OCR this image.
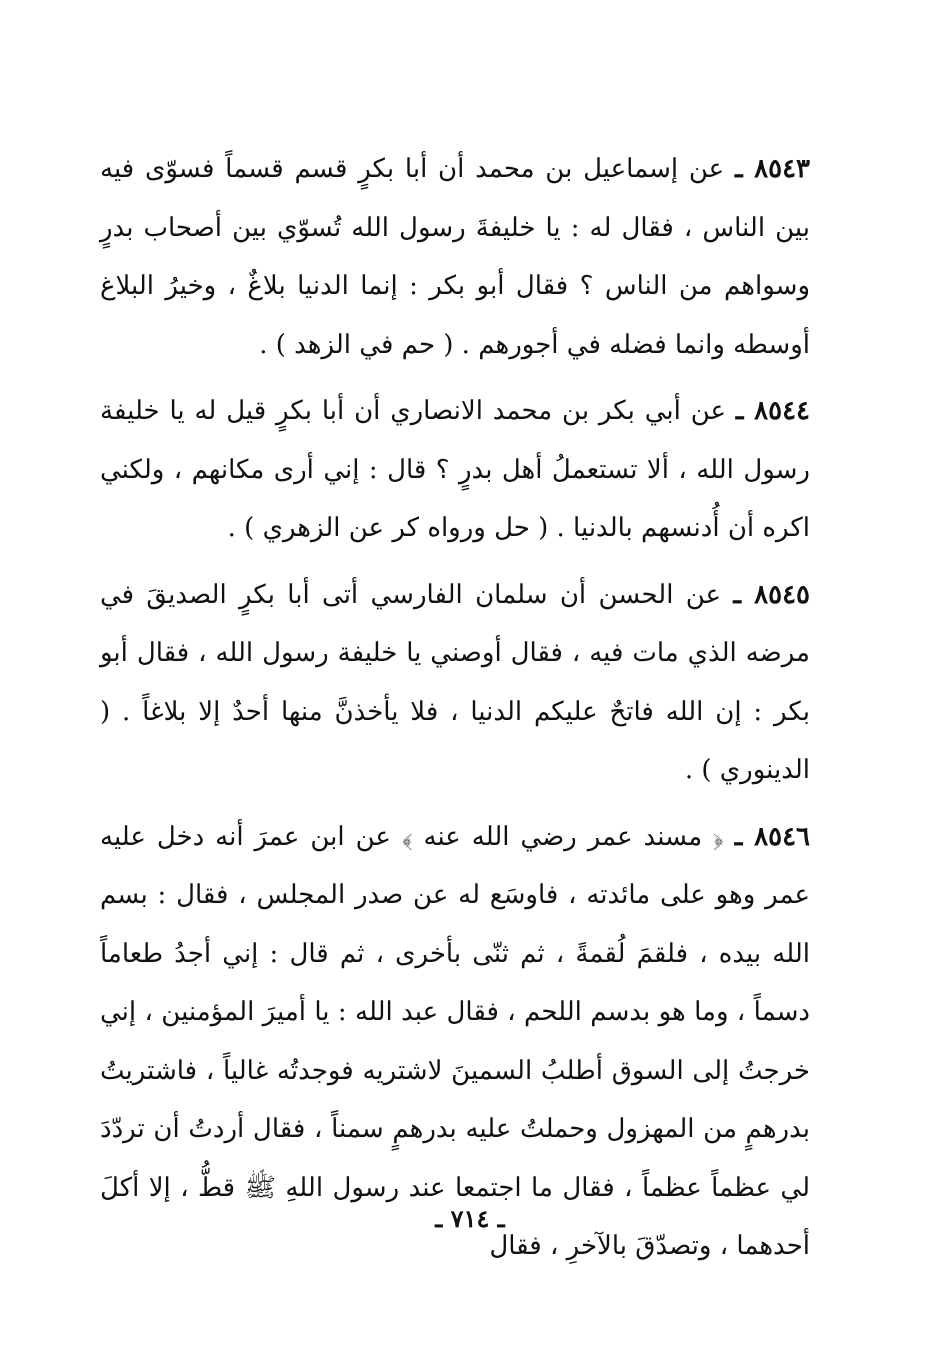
٨٥٤٣ ـ عن إسماعيل بن محمد أن أبا بكرٍ قسم قسماً فسوّى فيه بين الناس ، فقال له : يا خليفةَ رسول الله تُسوّي بين أصحاب بدرٍ وسواهم من الناس ؟ فقال أبو بكر : إنما الدنيا بلاغٌ ، وخيرُ البلاغ أوسطه وانما فضله في أجورهم . ( حم في الزهد ) .

٨٥٤٤ ـ عن أبي بكر بن محمد الانصاري أن أبا بكرٍ قيل له يا خليفة رسول الله ، ألا تستعملُ أهل بدرٍ ؟ قال : إني أرى مكانهم ، ولكني اكره أن أُدنسهم بالدنيا . ( حل ورواه كر عن الزهري ) .

٨٥٤٥ ـ عن الحسن أن سلمان الفارسي أتى أبا بكرٍ الصديقَ في مرضه الذي مات فيه ، فقال أوصني يا خليفة رسول الله ، فقال أبو بكر : إن الله فاتحٌ عليكم الدنيا ، فلا يأخذنَّ منها أحدٌ إلا بلاغاً . ( الدينوري ) .

٨٥٤٦ ـ ﴿ مسند عمر رضي الله عنه ﴾ عن ابن عمرَ أنه دخل عليه عمر وهو على مائدته ، فاوسَع له عن صدر المجلس ، فقال : بسم الله بيده ، فلقمَ لُقمةً ، ثم ثنّى بأخرى ، ثم قال : إني أجدُ طعاماً دسماً ، وما هو بدسم اللحم ، فقال عبد الله : يا أميرَ المؤمنين ، إني خرجتُ إلى السوق أطلبُ السمينَ لاشتريه فوجدتُه غالياً ، فاشتريتُ بدرهمٍ من المهزول وحملتُ عليه بدرهمٍ سمناً ، فقال أردتُ أن تردّدَ لي عظماً عظماً ، فقال ما اجتمعا عند رسول اللهِ ﷺ قطُّ ، إلا أكلَ أحدهما ، وتصدّقَ بالآخرِ ، فقال

ـ ٧١٤ ـ
